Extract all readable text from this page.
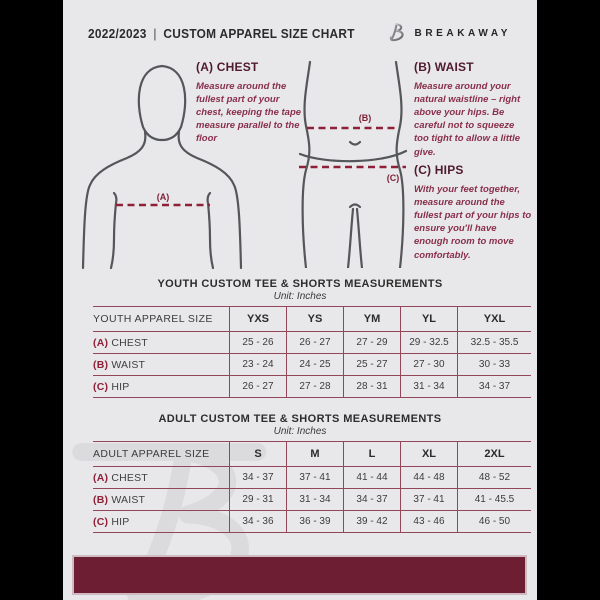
2022/2023 | CUSTOM APPAREL SIZE CHART	BREAKAWAY
(A)
(B)
(C)

(A) CHEST

Measure around the fullest part of your chest, keeping the tape measure parallel to the floor

(B) WAIST

Measure around your natural waistline – right above your hips. Be careful not to squeeze too tight to allow a little give.

(C) HIPS

With your feet together, measure around the fullest part of your hips to ensure you'll have enough room to move comfortably.

YOUTH CUSTOM TEE & SHORTS MEASUREMENTS
Unit: Inches
YOUTH APPAREL SIZE	YXS	YS	YM	YL	YXL
(A) CHEST	25 - 26	26 - 27	27 - 29	29 - 32.5	32.5 - 35.5
(B) WAIST	23 - 24	24 - 25	25 - 27	27 - 30	30 - 33
(C) HIP	26 - 27	27 - 28	28 - 31	31 - 34	34 - 37
ADULT CUSTOM TEE & SHORTS MEASUREMENTS
Unit: Inches
ADULT APPAREL SIZE	S	M	L	XL	2XL
(A) CHEST	34 - 37	37 - 41	41 - 44	44 - 48	48 - 52
(B) WAIST	29 - 31	31 - 34	34 - 37	37 - 41	41 - 45.5
(C) HIP	34 - 36	36 - 39	39 - 42	43 - 46	46 - 50
